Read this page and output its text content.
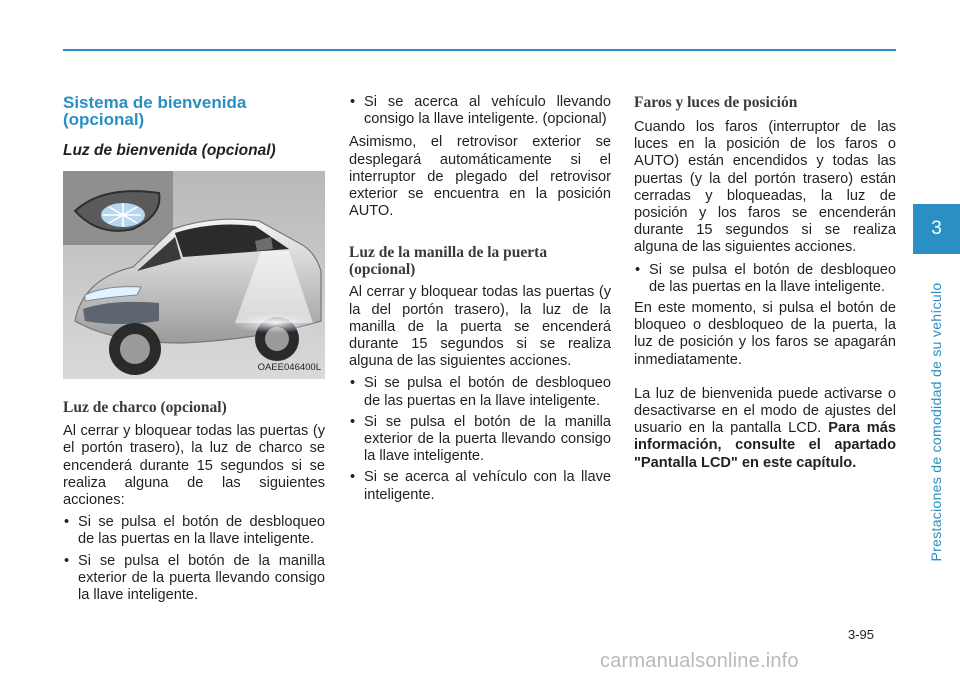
Sistema de bienvenida (opcional)
Luz de bienvenida (opcional)
OAEE046400L
Luz de charco (opcional)

Al cerrar y bloquear todas las puertas (y el portón trasero), la luz de charco se encenderá durante 15 segundos si se realiza alguna de las siguientes acciones:

• Si se pulsa el botón de desbloqueo de las puertas en la llave inteligente.
• Si se pulsa el botón de la manilla exterior de la puerta llevando consigo la llave inteligente.
• Si se acerca al vehículo llevando consigo la llave inteligente. (opcional)

Asimismo, el retrovisor exterior se desplegará automáticamente si el interruptor de plegado del retrovisor exterior se encuentra en la posición AUTO.

Luz de la manilla de la puerta (opcional)

Al cerrar y bloquear todas las puertas (y la del portón trasero), la luz de la manilla de la puerta se encenderá durante 15 segundos si se realiza alguna de las siguientes acciones.

• Si se pulsa el botón de desbloqueo de las puertas en la llave inteligente.
• Si se pulsa el botón de la manilla exterior de la puerta llevando consigo la llave inteligente.
• Si se acerca al vehículo con la llave inteligente.
Faros y luces de posición

Cuando los faros (interruptor de las luces en la posición de los faros o AUTO) están encendidos y todas las puertas (y la del portón trasero) están cerradas y bloqueadas, la luz de posición y los faros se encenderán durante 15 segundos si se realiza alguna de las siguientes acciones.

• Si se pulsa el botón de desbloqueo de las puertas en la llave inteligente.

En este momento, si pulsa el botón de bloqueo o desbloqueo de la puerta, la luz de posición y los faros se apagarán inmediatamente.

La luz de bienvenida puede activarse o desactivarse en el modo de ajustes del usuario en la pantalla LCD. Para más información, consulte el apartado "Pantalla LCD" en este capítulo.

3
Prestaciones de comodidad de su vehículo
3-95
carmanualsonline.info
